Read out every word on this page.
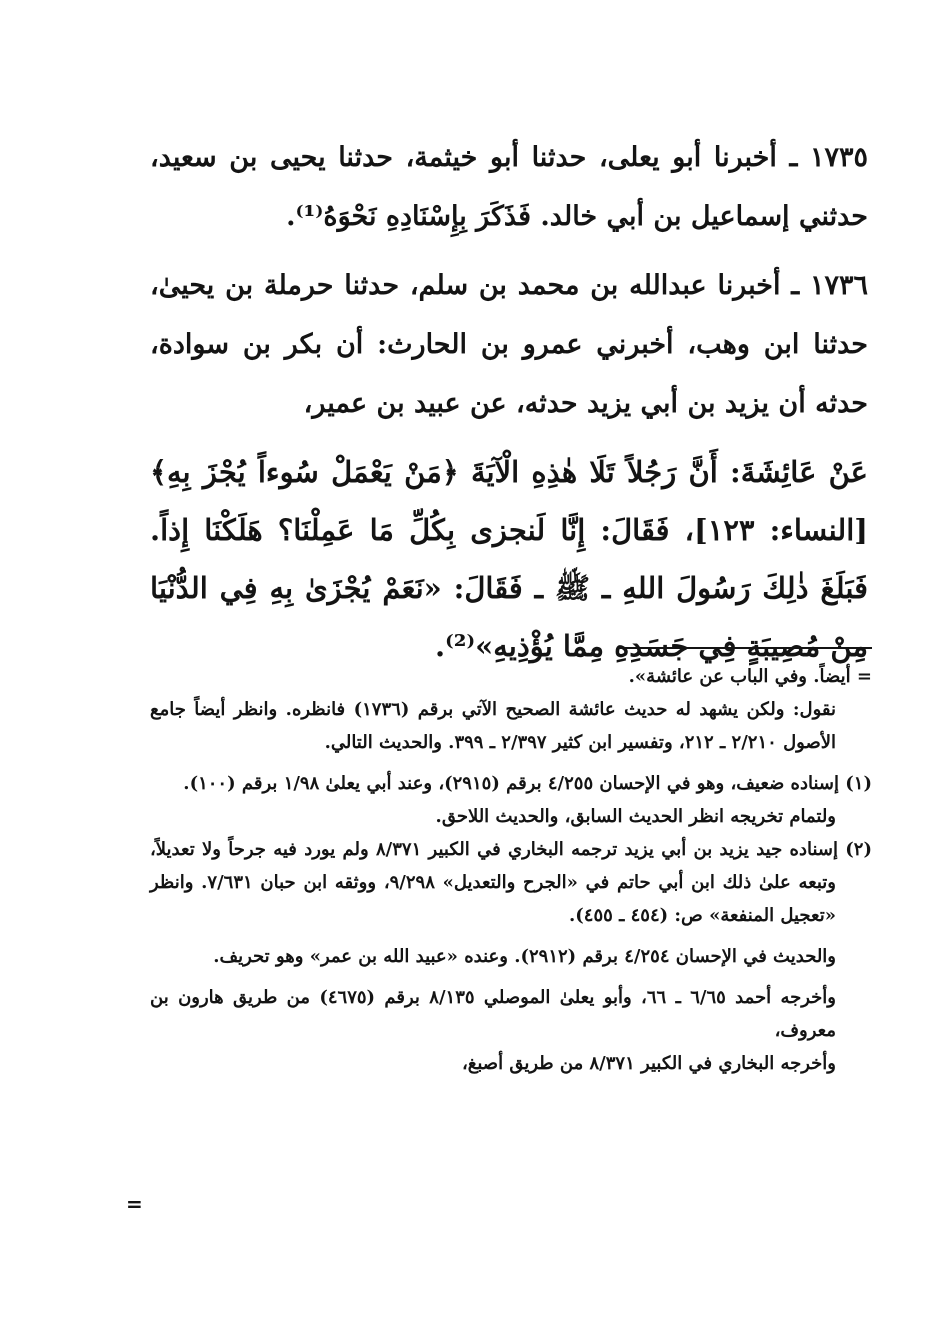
١٧٣٥ ـ أخبرنا أبو يعلى، حدثنا أبو خيثمة، حدثنا يحيى بن سعيد، حدثني إسماعيل بن أبي خالد. فَذَكَرَ بِإِسْنَادِهِ نَحْوَهُ⁽¹⁾.

١٧٣٦ ـ أخبرنا عبدالله بن محمد بن سلم، حدثنا حرملة بن يحيىٰ، حدثنا ابن وهب، أخبرني عمرو بن الحارث: أن بكر بن سوادة، حدثه أن يزيد بن أبي يزيد حدثه، عن عبيد بن عمير،

عَنْ عَائِشَةَ: أَنَّ رَجُلاً تَلَا هٰذِهِ الْآيَةَ ﴿مَنْ يَعْمَلْ سُوءاً يُجْزَ بِهِ﴾ [النساء: ١٢٣]، فَقَالَ: إِنَّا لَنجزى بِكُلِّ مَا عَمِلْنَا؟ هَلَكْنَا إِذاً. فَبَلَغَ ذٰلِكَ رَسُولَ اللهِ ـ ﷺ ـ فَقَالَ: «نَعَمْ يُجْزَىٰ بِهِ فِي الدُّنْيَا مِنْ مُصِيبَةٍ فِي جَسَدِهِ مِمَّا يُؤْذِيهِ»⁽²⁾.

= أيضاً. وفي الباب عن عائشة».

نقول: ولكن يشهد له حديث عائشة الصحيح الآتي برقم (١٧٣٦) فانظره. وانظر أيضاً جامع الأصول ٢/٢١٠ ـ ٢١٢، وتفسير ابن كثير ٢/٣٩٧ ـ ٣٩٩. والحديث التالي.

(١) إسناده ضعيف، وهو في الإحسان ٤/٢٥٥ برقم (٢٩١٥)، وعند أبي يعلىٰ ١/٩٨ برقم (١٠٠).

ولتمام تخريجه انظر الحديث السابق، والحديث اللاحق.

(٢) إسناده جيد يزيد بن أبي يزيد ترجمه البخاري في الكبير ٨/٣٧١ ولم يورد فيه جرحاً ولا تعديلاً، وتبعه علىٰ ذلك ابن أبي حاتم في «الجرح والتعديل» ٩/٢٩٨، ووثقه ابن حبان ٧/٦٣١. وانظر «تعجيل المنفعة» ص: (٤٥٤ ـ ٤٥٥).

والحديث في الإحسان ٤/٢٥٤ برقم (٢٩١٢). وعنده «عبيد الله بن عمر» وهو تحريف.

وأخرجه أحمد ٦/٦٥ ـ ٦٦، وأبو يعلىٰ الموصلي ٨/١٣٥ برقم (٤٦٧٥) من طريق هارون بن معروف،

وأخرجه البخاري في الكبير ٨/٣٧١ من طريق أصبغ،

=
